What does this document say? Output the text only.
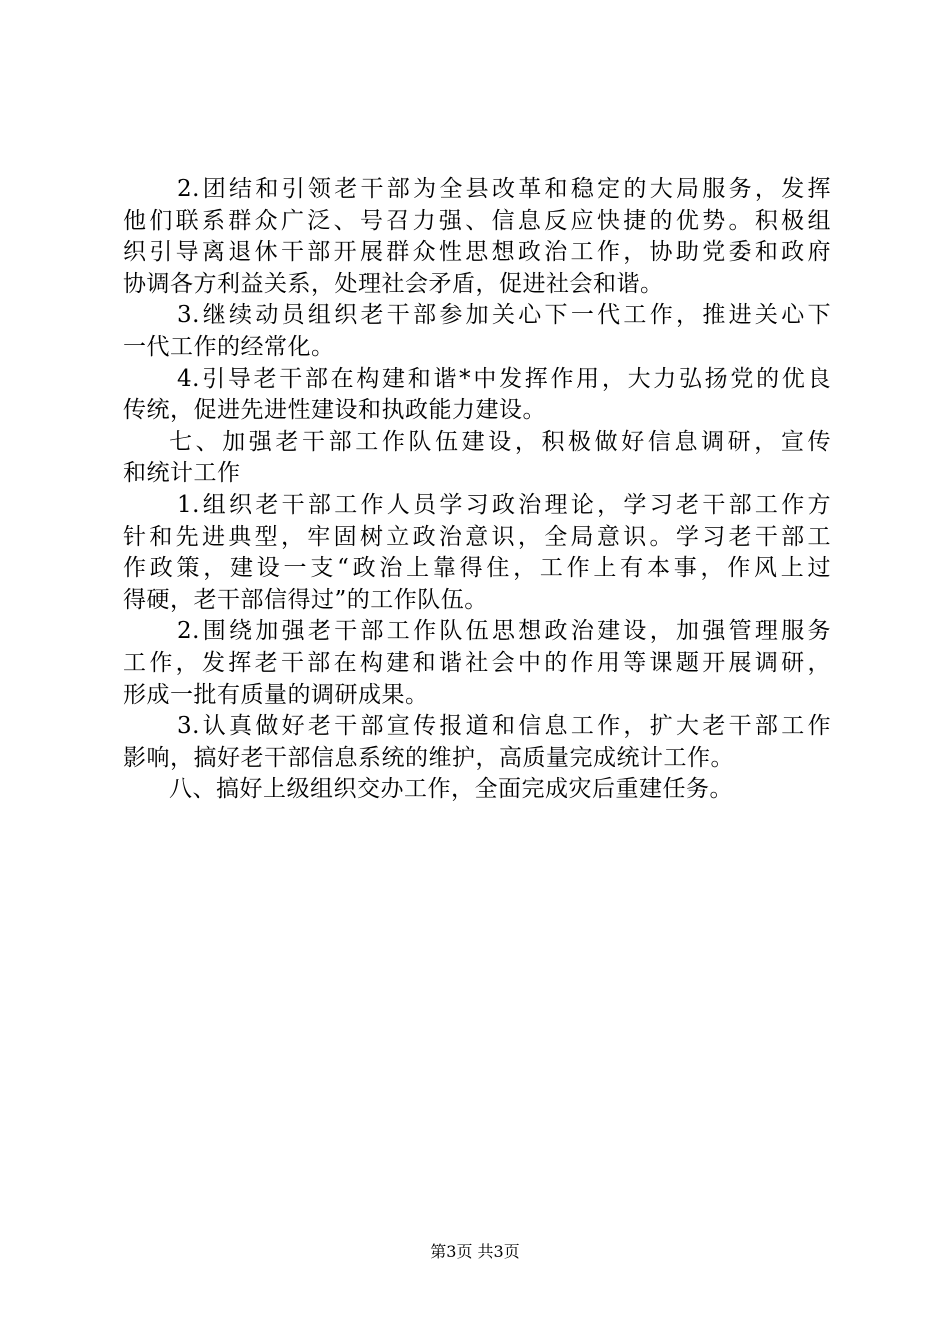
2.团结和引领老干部为全县改革和稳定的大局服务，发挥
他们联系群众广泛、号召力强、信息反应快捷的优势。积极组
织引导离退休干部开展群众性思想政治工作，协助党委和政府
协调各方利益关系，处理社会矛盾，促进社会和谐。
3.继续动员组织老干部参加关心下一代工作，推进关心下
一代工作的经常化。
4.引导老干部在构建和谐*中发挥作用，大力弘扬党的优良
传统，促进先进性建设和执政能力建设。
七、加强老干部工作队伍建设，积极做好信息调研，宣传
和统计工作
1.组织老干部工作人员学习政治理论，学习老干部工作方
针和先进典型，牢固树立政治意识，全局意识。学习老干部工
作政策，建设一支“政治上靠得住，工作上有本事，作风上过
得硬，老干部信得过”的工作队伍。
2.围绕加强老干部工作队伍思想政治建设，加强管理服务
工作，发挥老干部在构建和谐社会中的作用等课题开展调研，
形成一批有质量的调研成果。
3.认真做好老干部宣传报道和信息工作，扩大老干部工作
影响，搞好老干部信息系统的维护，高质量完成统计工作。
八、搞好上级组织交办工作，全面完成灾后重建任务。
第3页 共3页
